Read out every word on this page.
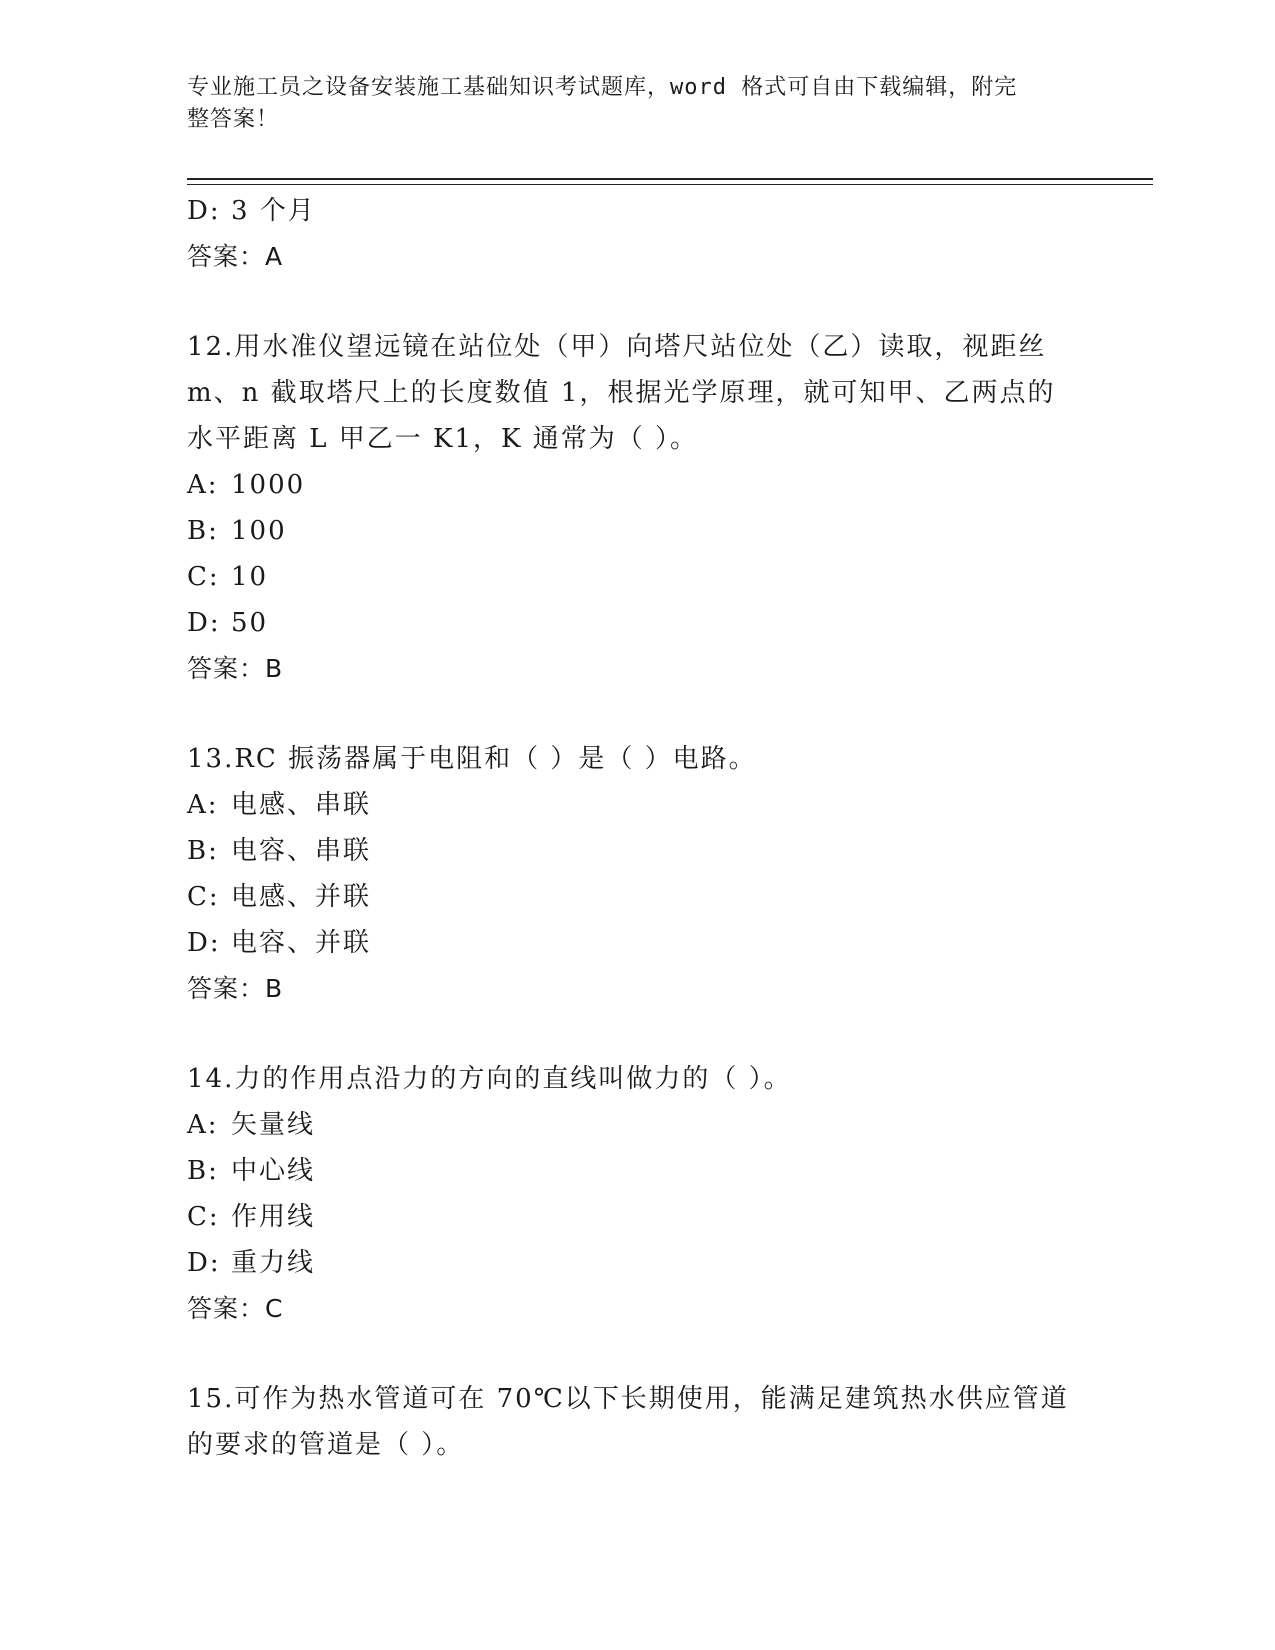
专业施工员之设备安装施工基础知识考试题库，word 格式可自由下载编辑，附完
整答案！
D: 3 个月
答案：A
12.用水准仪望远镜在站位处（甲）向塔尺站位处（乙）读取，视距丝
m、n 截取塔尺上的长度数值 1，根据光学原理，就可知甲、乙两点的
水平距离 L 甲乙一 K1，K 通常为（ ）。
A: 1000
B: 100
C: 10
D: 50
答案：B
13.RC 振荡器属于电阻和（ ）是（ ）电路。
A: 电感、串联
B: 电容、串联
C: 电感、并联
D: 电容、并联
答案：B
14.力的作用点沿力的方向的直线叫做力的（ ）。
A: 矢量线
B: 中心线
C: 作用线
D: 重力线
答案：C
15.可作为热水管道可在 70℃以下长期使用，能满足建筑热水供应管道
的要求的管道是（ ）。
